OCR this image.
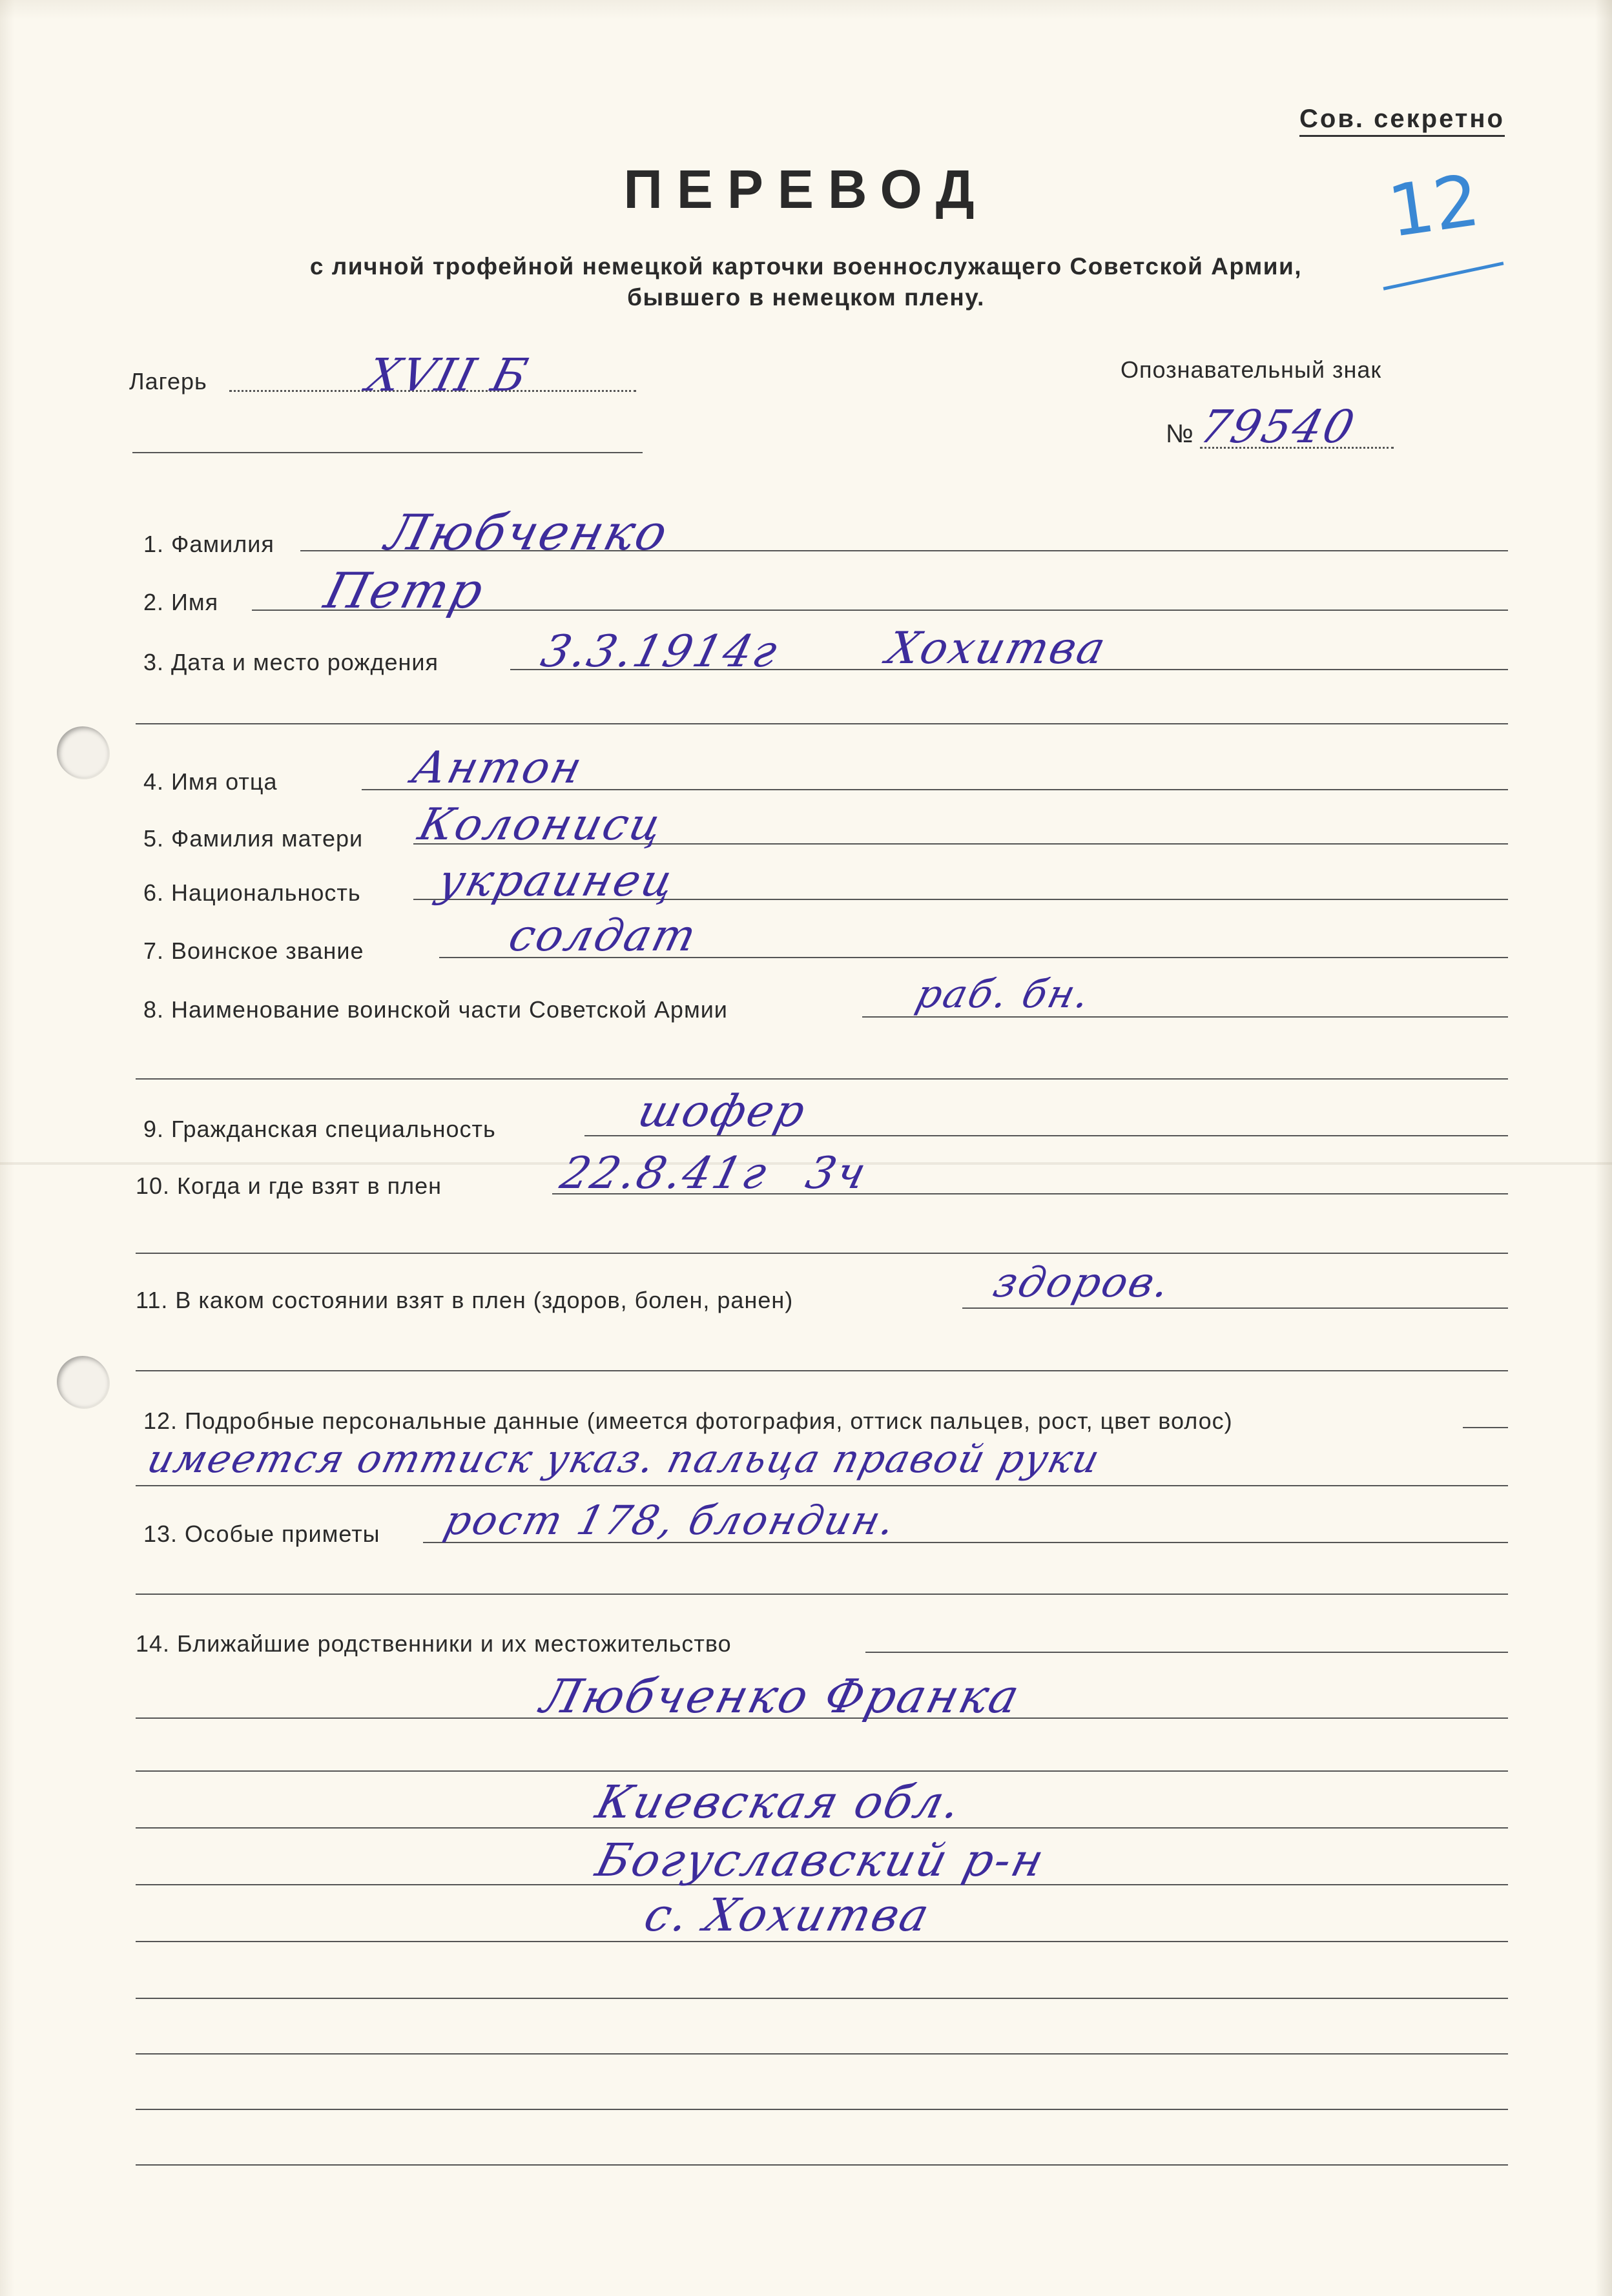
Сов. секретно
ПЕРЕВОД
с личной трофейной немецкой карточки военнослужащего Советской Армии,
бывшего в немецком плену.
12
Лагерь	XVII Б	Опознавательный знак
№ 79540
1. Фамилия Любченко
2. Имя Петр
3. Дата и место рождения 3.3.1914г Хохитва
4. Имя отца	Антон
5. Фамилия матери Колонисц
6. Национальность украинец
7. Воинское звание	солдат
8. Наименование воинской части Советской Армии	раб. бн.
9. Гражданская специальность	шофер
10. Когда и где взят в плен	22.8.41г 3ч
11. В каком состоянии взят в плен (здоров, болен, ранен)	здоров.
12. Подробные персональные данные (имеется фотография, оттиск пальцев, рост, цвет волос)
имеется оттиск указ. пальца правой руки
13. Особые приметы рост 178, блондин.
14. Ближайшие родственники и их местожительство
Любченко Франка
Киевская обл.
Богуславский р-н
с. Хохитва
